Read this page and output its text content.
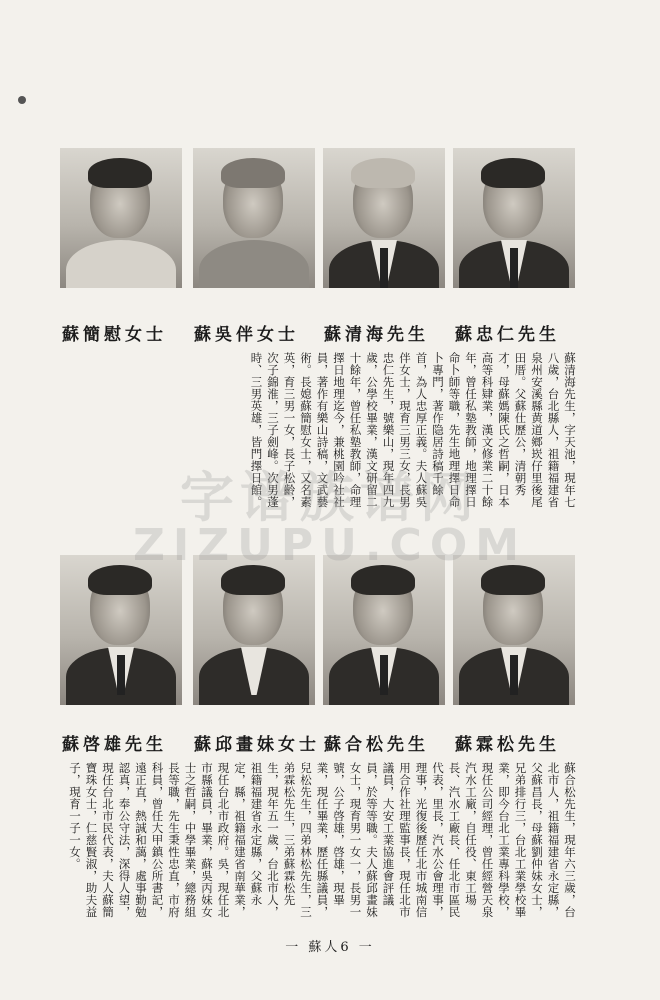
蘇忠仁先生
蘇清海先生
蘇吳伴女士
蘇簡慰女士
蘇清海先生，字天池，現年七八歲，台北縣人，祖籍福建省泉州安溪縣黄道鄉崁仔里後尾田厝。父蘇仕歷公，清朝秀才，母蘇媽陳氏之哲嗣，日本高等科肄業，漢文修業二十餘年，曾任私塾教師，地理擇日命卜師等職，先生地理擇日命卜專門，著作隐居詩稿千餘首，為人忠厚正義。夫人蘇吳伴女士，現育三男三女，長男忠仁先生，號樂山，現年四九歲，公學校畢業，漢文研留二十餘年，曾任私塾教師，命理擇日地理迄今，兼桃園吟社社員，著作有樂山詩稿，文武藝術。長媳蘇簡慰女士，又名素英，育三男一女，長子松齡，次子錦淮，三子劍峰。次男蓬時、三男英雄，皆門擇日館。
蘇霖松先生
蘇合松先生
蘇邱畫妹女士
蘇啓雄先生
蘇合松先生，現年六三歲，台北市人，祖籍福建省永定縣，父蘇昌長，母蘇劉仲妹女士，兄弟排行三，台北工業學校畢業，即今台北工業專科學校，現任公司經理，曾任經營天泉汽水工廠，自任役、東工場長、汽水工廠長、任北市區民代表，里長，汽水公會理事，理事，光復後歷任北市城南信用合作社理監事長，現任北市議員，大安工業協進會評議員，於等等職。夫人蘇邱畫妹女士，現育男一女一，長男一號，公子啓雄，啓雄，現畢業，現任畢業，歷任縣議員，兒松先生，四弟林松先生，三弟霖松先生，三弟蘇霖松先生，現年五一歲，台北市人，祖籍福建省永定縣，父蘇永定，縣，祖籍福建省南華業，現任台北市政府。吳，現任北市縣議員，畢業，蘇吳丙妹女士之哲嗣，中學畢業，總務組長等職，先生秉性忠直，市府科員，曾任大甲鎮公所書記，遠正直，熱誠和藹，處事勤勉認真，奉公守法，深得人望，現任台北市民代表，夫人蘇簡寶珠女士，仁慈賢淑，助夫益子，現育一子一女。
一 蘇人6 一
字谱族谱网
ZIZUPU.COM
